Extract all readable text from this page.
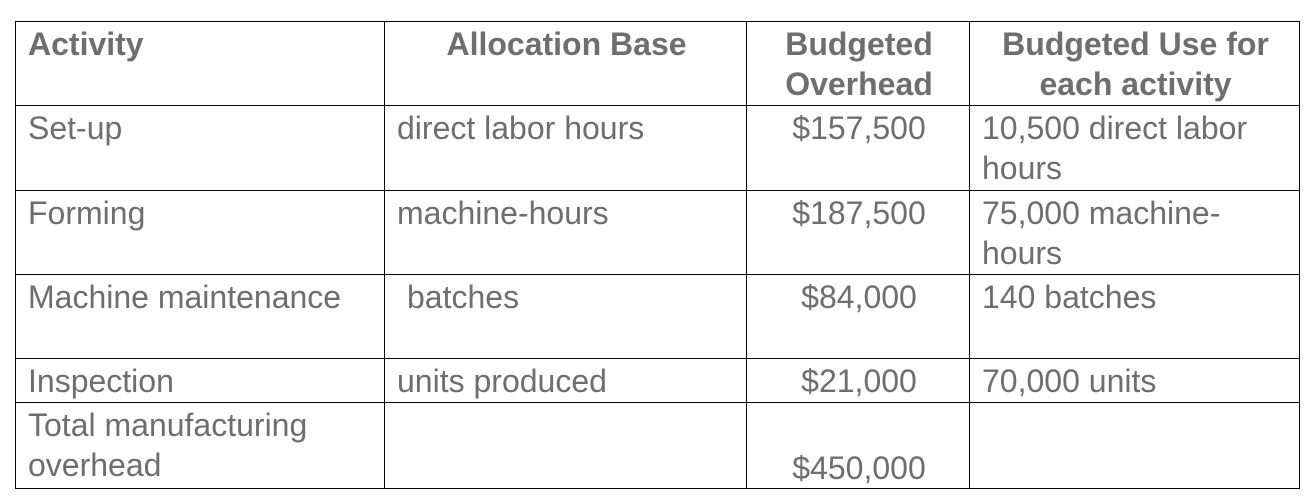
Activity	Allocation Base	Budgeted Overhead	Budgeted Use for each activity
Set-up	direct labor hours	$157,500	10,500 direct labor hours
Forming	machine-hours	$187,500	75,000 machine-hours
Machine maintenance	batches	$84,000	140 batches
Inspection	units produced	$21,000	70,000 units
Total manufacturing overhead		$450,000	
